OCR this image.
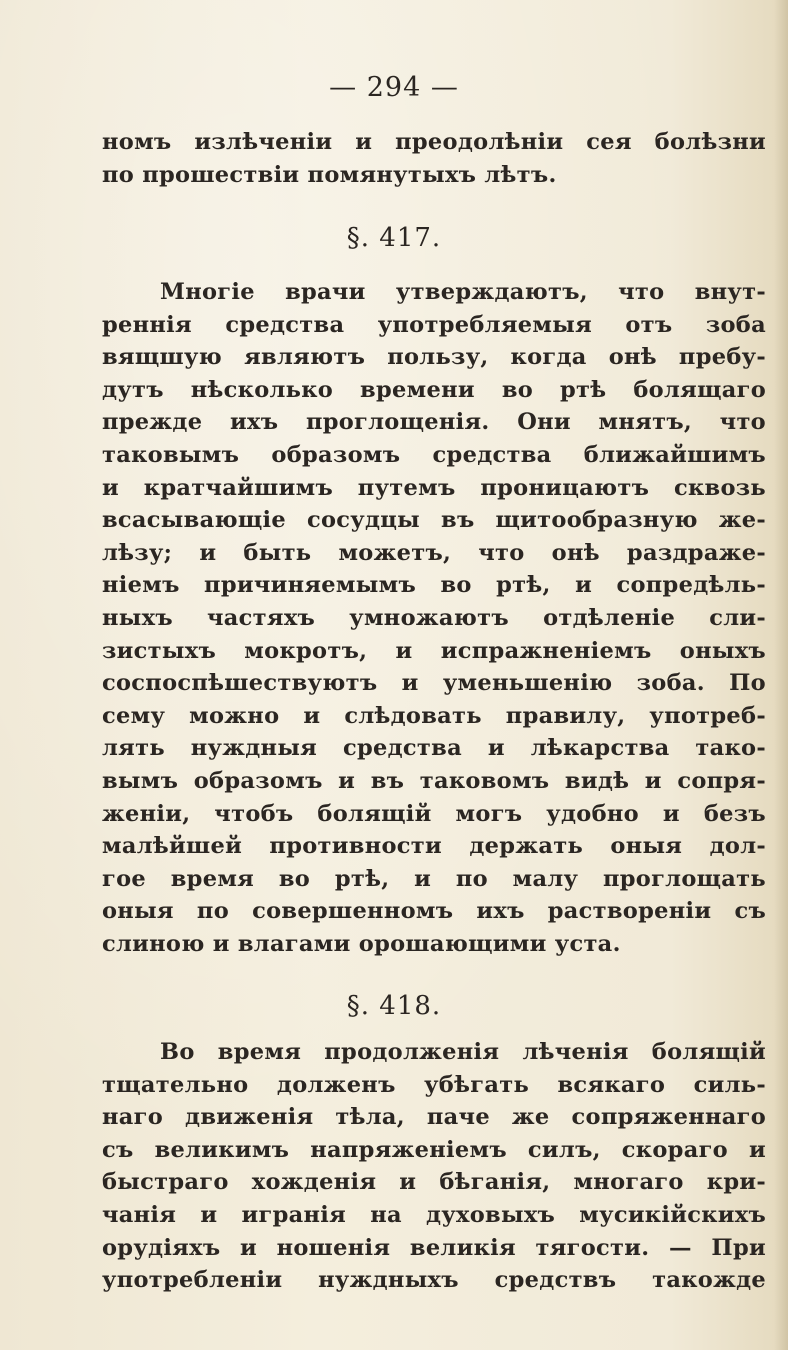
— 294 —
номъ излѣченіи и преодолѣніи сея болѣзни
по прошествіи помянутыхъ лѣтъ.
§. 417.
Многіе врачи утверждаютъ, что внут-
реннія средства употребляемыя отъ зоба
вящшую являютъ пользу, когда онѣ пребу-
дутъ нѣсколько времени во ртѣ болящаго
прежде ихъ проглощенія. Они мнятъ, что
таковымъ образомъ средства ближайшимъ
и кратчайшимъ путемъ проницаютъ сквозь
всасывающіе сосудцы въ щитообразную же-
лѣзу; и быть можетъ, что онѣ раздраже-
ніемъ причиняемымъ во ртѣ, и сопредѣль-
ныхъ частяхъ умножаютъ отдѣленіе сли-
зистыхъ мокротъ, и испражненіемъ оныхъ
соспоспѣшествуютъ и уменьшенію зоба. По
сему можно и слѣдовать правилу, употреб-
лять нуждныя средства и лѣкарства тако-
вымъ образомъ и въ таковомъ видѣ и сопря-
женіи, чтобъ болящій могъ удобно и безъ
малѣйшей противности держать оныя дол-
гое время во ртѣ, и по малу проглощать
оныя по совершенномъ ихъ раствореніи съ
слиною и влагами орошающими уста.
§. 418.
Во время продолженія лѣченія болящій
тщательно долженъ убѣгать всякаго силь-
наго движенія тѣла, паче же сопряженнаго
съ великимъ напряженіемъ силъ, скораго и
быстраго хожденія и бѣганія, многаго кри-
чанія и игранія на духовыхъ мусикійскихъ
орудіяхъ и ношенія великія тягости. — При
употребленіи нуждныхъ средствъ такожде
